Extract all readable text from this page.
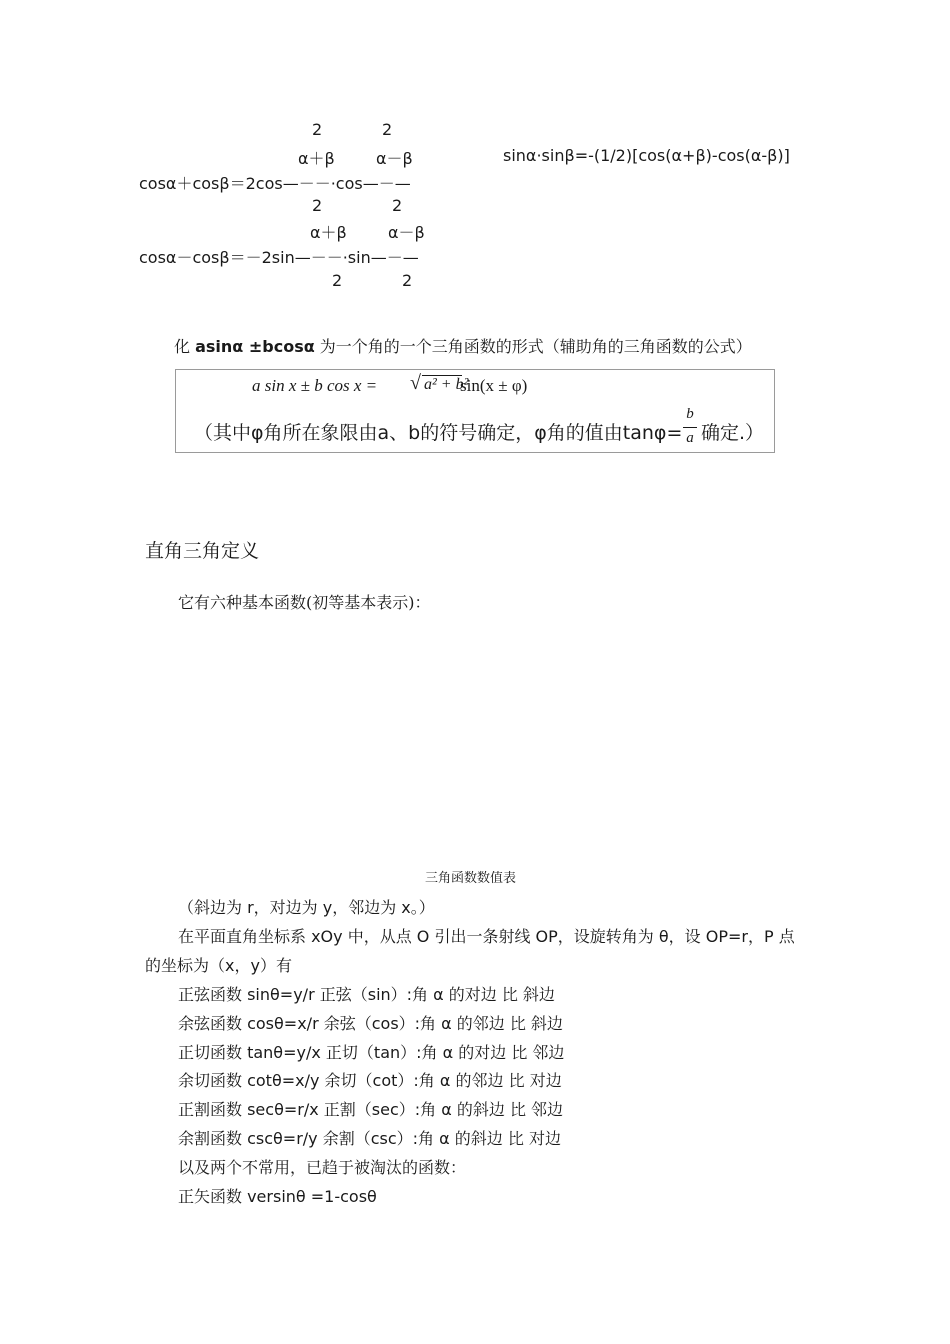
2	2
α＋β	α－β	sinα·sinβ=-(1/2)[cos(α+β)-cos(α-β)]
cosα＋cosβ＝2cos—－－·cos—－—
2	2
α＋β	α－β
cosα－cosβ＝－2sin—－－·sin—－—
2	2
化 asinα ±bcosα 为一个角的一个三角函数的形式（辅助角的三角函数的公式）
a sin x ± b cos x = √ a² + b²
sin(x ± φ)
（其中φ角所在象限由a、b的符号确定，φ角的值由tanφ=
b
a 确定.）
直角三角定义
它有六种基本函数(初等基本表示)：
三角函数数值表
（斜边为 r，对边为 y，邻边为 x。）
在平面直角坐标系 xOy 中，从点 O 引出一条射线 OP，设旋转角为 θ，设 OP=r，P 点
的坐标为（x，y）有
正弦函数 sinθ=y/r 正弦（sin）:角 α 的对边 比 斜边
余弦函数 cosθ=x/r 余弦（cos）:角 α 的邻边 比 斜边
正切函数 tanθ=y/x 正切（tan）:角 α 的对边 比 邻边
余切函数 cotθ=x/y 余切（cot）:角 α 的邻边 比 对边
正割函数 secθ=r/x 正割（sec）:角 α 的斜边 比 邻边
余割函数 cscθ=r/y 余割（csc）:角 α 的斜边 比 对边
以及两个不常用，已趋于被淘汰的函数：
正矢函数 versinθ =1-cosθ
